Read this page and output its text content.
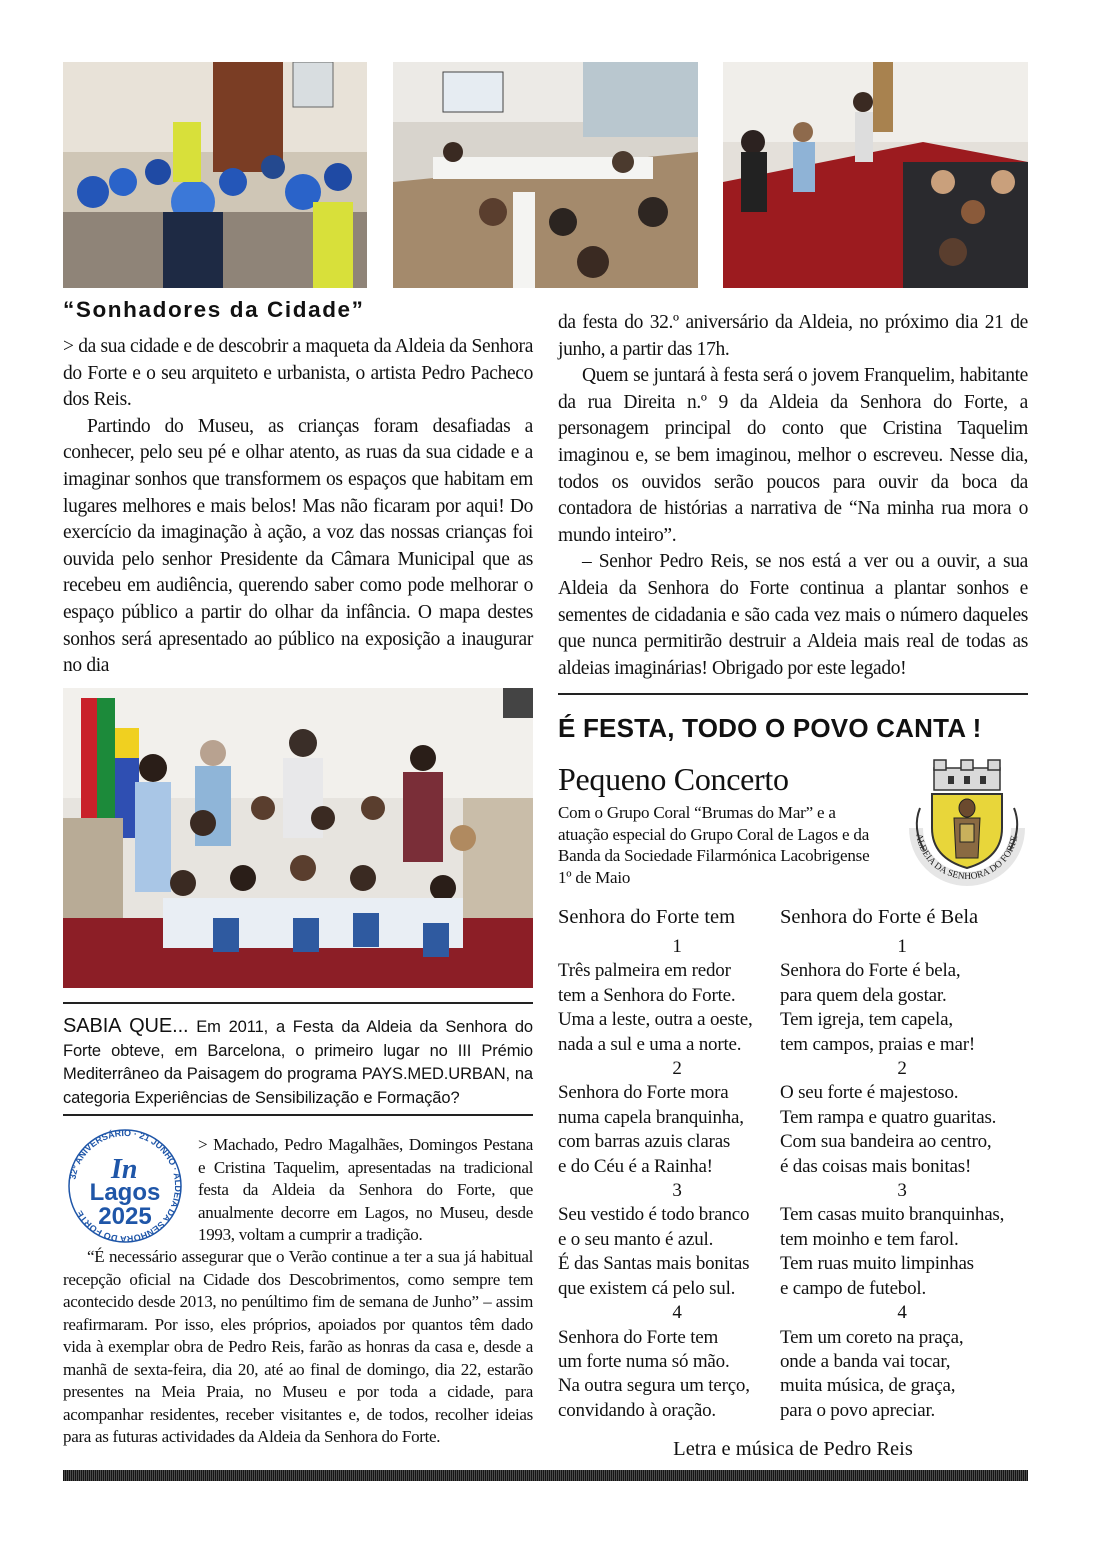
“Sonhadores da Cidade”

> da sua cidade e de descobrir a maqueta da Aldeia da Senhora do Forte e o seu arquiteto e urbanista, o artista Pedro Pacheco dos Reis.

Partindo do Museu, as crianças foram desafiadas a conhecer, pelo seu pé e olhar atento, as ruas da sua cidade e a imaginar sonhos que transformem os espaços que habitam em lugares melhores e mais belos! Mas não ficaram por aqui! Do exercício da imaginação à ação, a voz das nossas crianças foi ouvida pelo senhor Presidente da Câmara Municipal que as recebeu em audiência, querendo saber como pode melhorar o espaço público a partir do olhar da infância. O mapa destes sonhos será apresentado ao público na exposição a inaugurar no dia

SABIA QUE... Em 2011, a Festa da Aldeia da Senhora do Forte obteve, em Barcelona, o primeiro lugar no III Prémio Mediterrâneo da Paisagem do programa PAYS.MED.URBAN, na categoria Experiências de Sensibilização e Formação?
32º ANIVERSÁRIO · 21 JUNHO · ALDEIA DA SENHORA DO FORTE
In
Lagos
2025
> Machado, Pedro Magalhães, Domingos Pestana e Cristina Taquelim, apresentadas na tradicional festa da Aldeia da Senhora do Forte, que anualmente decorre em Lagos, no Museu, desde 1993, voltam a cumprir a tradição.
“É necessário assegurar que o Verão continue a ter a sua já habitual recepção oficial na Cidade dos Descobrimentos, como sempre tem acontecido desde 2013, no penúltimo fim de semana de Junho” – assim reafirmaram. Por isso, eles próprios, apoiados por quantos têm dado vida à exemplar obra de Pedro Reis, farão as honras da casa e, desde a manhã de sexta-feira, dia 20, até ao final de domingo, dia 22, estarão presentes na Meia Praia, no Museu e por toda a cidade, para acompanhar residentes, receber visitantes e, de todos, recolher ideias para as futuras actividades da Aldeia da Senhora do Forte.

da festa do 32.º aniversário da Aldeia, no próximo dia 21 de junho, a partir das 17h.

Quem se juntará à festa será o jovem Franquelim, habitante da rua Direita n.º 9 da Aldeia da Senhora do Forte, a personagem principal do conto que Cristina Taquelim imaginou e, se bem imaginou, melhor o escreveu. Nesse dia, todos os ouvidos serão poucos para ouvir da boca da contadora de histórias a narrativa de “Na minha rua mora o mundo inteiro”.

– Senhor Pedro Reis, se nos está a ver ou a ouvir, a sua Aldeia da Senhora do Forte continua a plantar sonhos e sementes de cidadania e são cada vez mais o número daqueles que nunca permitirão destruir a Aldeia mais real de todas as aldeias imaginárias! Obrigado por este legado!

É FESTA, TODO O POVO CANTA !
Pequeno Concerto
Com o Grupo Coral “Brumas do Mar” e a atuação especial do Grupo Coral de Lagos e da Banda da Sociedade Filarmónica Lacobrigense 1º de Maio
ALDEIA DA SENHORA DO FORTE
Senhora do Forte tem	Senhora do Forte é Bela
1
Três palmeira em redor
tem a Senhora do Forte.
Uma a leste, outra a oeste,
nada a sul e uma a norte.
2
Senhora do Forte mora
numa capela branquinha,
com barras azuis claras
e do Céu é a Rainha!
3
Seu vestido é todo branco
e o seu manto é azul.
É das Santas mais bonitas
que existem cá pelo sul.
4
Senhora do Forte tem
um forte numa só mão.
Na outra segura um terço,
convidando à oração.
1
Senhora do Forte é bela,
para quem dela gostar.
Tem igreja, tem capela,
tem campos, praias e mar!
2
O seu forte é majestoso.
Tem rampa e quatro guaritas.
Com sua bandeira ao centro,
é das coisas mais bonitas!
3
Tem casas muito branquinhas,
tem moinho e tem farol.
Tem ruas muito limpinhas
e campo de futebol.
4
Tem um coreto na praça,
onde a banda vai tocar,
muita música, de graça,
para o povo apreciar.
Letra e música de Pedro Reis
